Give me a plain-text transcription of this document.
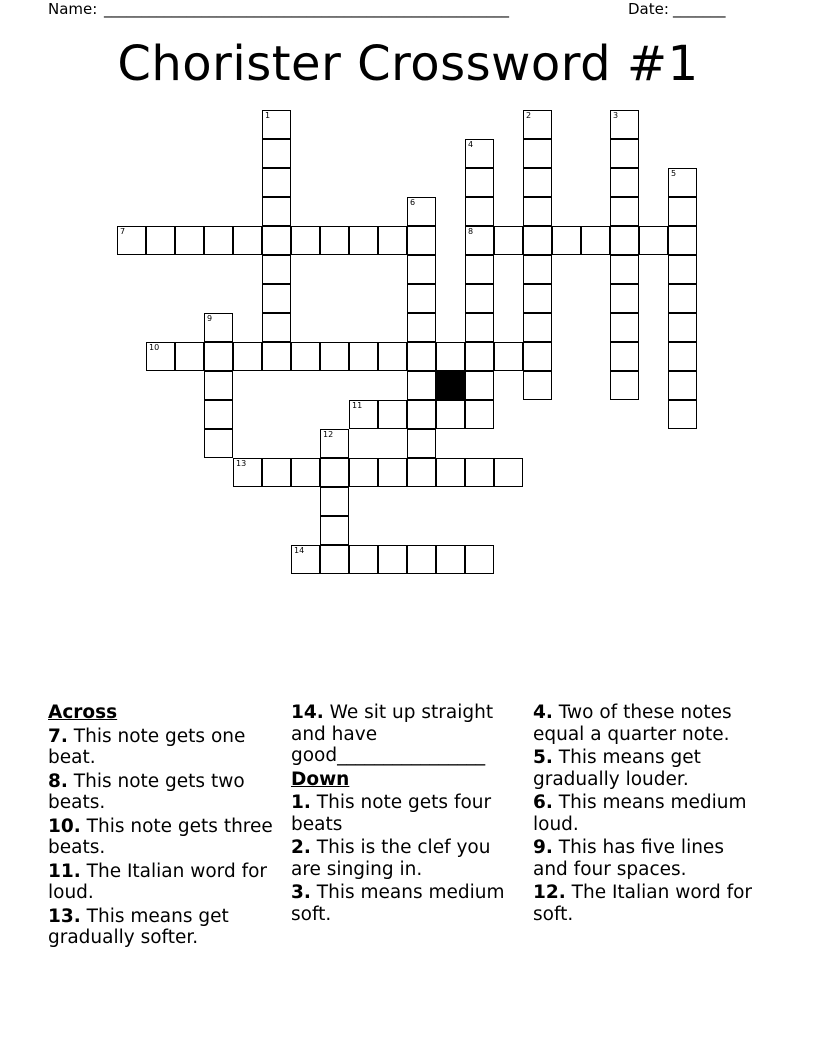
Name: ______________________________________________________	Date: _______
Chorister Crossword #1
7	8
10
11
13
14
1	2	3
4
5
6
9
12
Across
7. This note gets one beat.
8. This note gets two beats.
10. This note gets three beats.
11. The Italian word for loud.
13. This means get gradually softer.
14. We sit up straight and have good________________
Down
1. This note gets four beats
2. This is the clef you are singing in.
3. This means medium soft.
4. Two of these notes equal a quarter note.
5. This means get gradually louder.
6. This means medium loud.
9. This has five lines and four spaces.
12. The Italian word for soft.
